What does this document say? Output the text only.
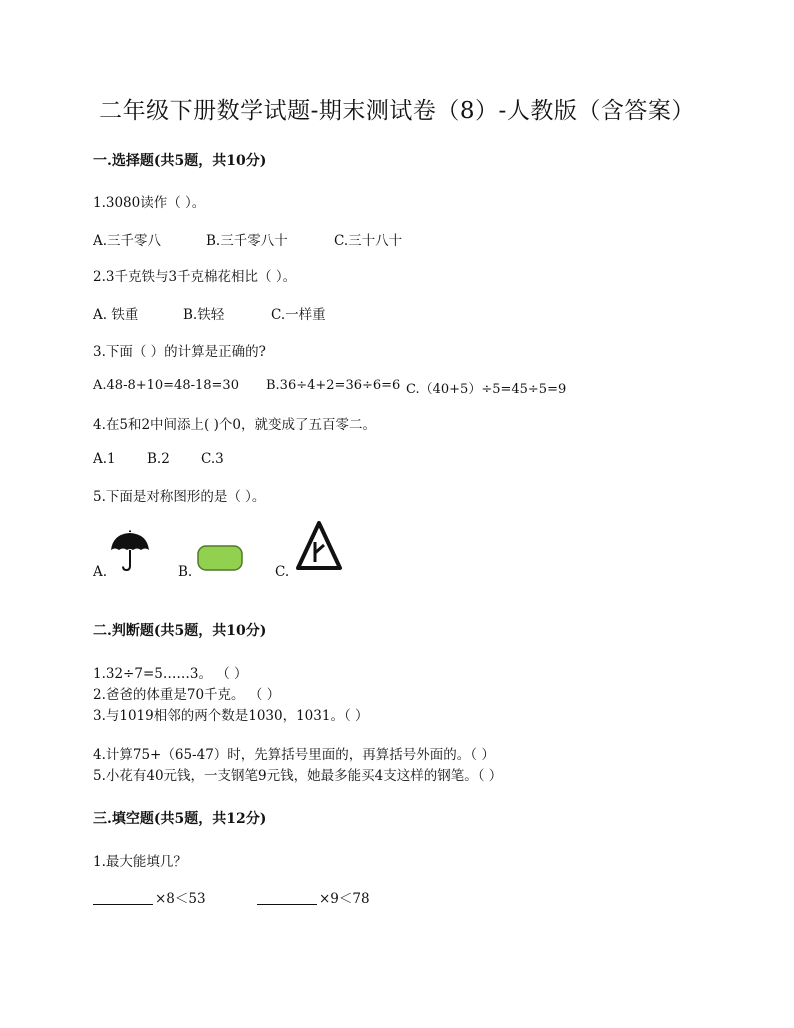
二年级下册数学试题-期末测试卷（8）-人教版（含答案）
一.选择题(共5题，共10分)
1.3080读作（ ）。
A.三千零八	B.三千零八十	C.三十八十
2.3千克铁与3千克棉花相比（ ）。
A. 铁重	B.铁轻	C.一样重
3.下面（ ）的计算是正确的?
A.48-8+10=48-18=30 B.36÷4+2=36÷6=6 C.（40+5）÷5=45÷5=9
4.在5和2中间添上( )个0，就变成了五百零二。
A.1 B.2 C.3
5.下面是对称图形的是（ ）。
A.	B.	C.
二.判断题(共5题，共10分)
1.32÷7=5……3。 （ ）
2.爸爸的体重是70千克。 （ ）
3.与1019相邻的两个数是1030，1031。（ ）
4.计算75+（65-47）时，先算括号里面的，再算括号外面的。（ ）
5.小花有40元钱，一支钢笔9元钱，她最多能买4支这样的钢笔。（ ）
三.填空题(共5题，共12分)
1.最大能填几？
×8＜53	×9＜78
